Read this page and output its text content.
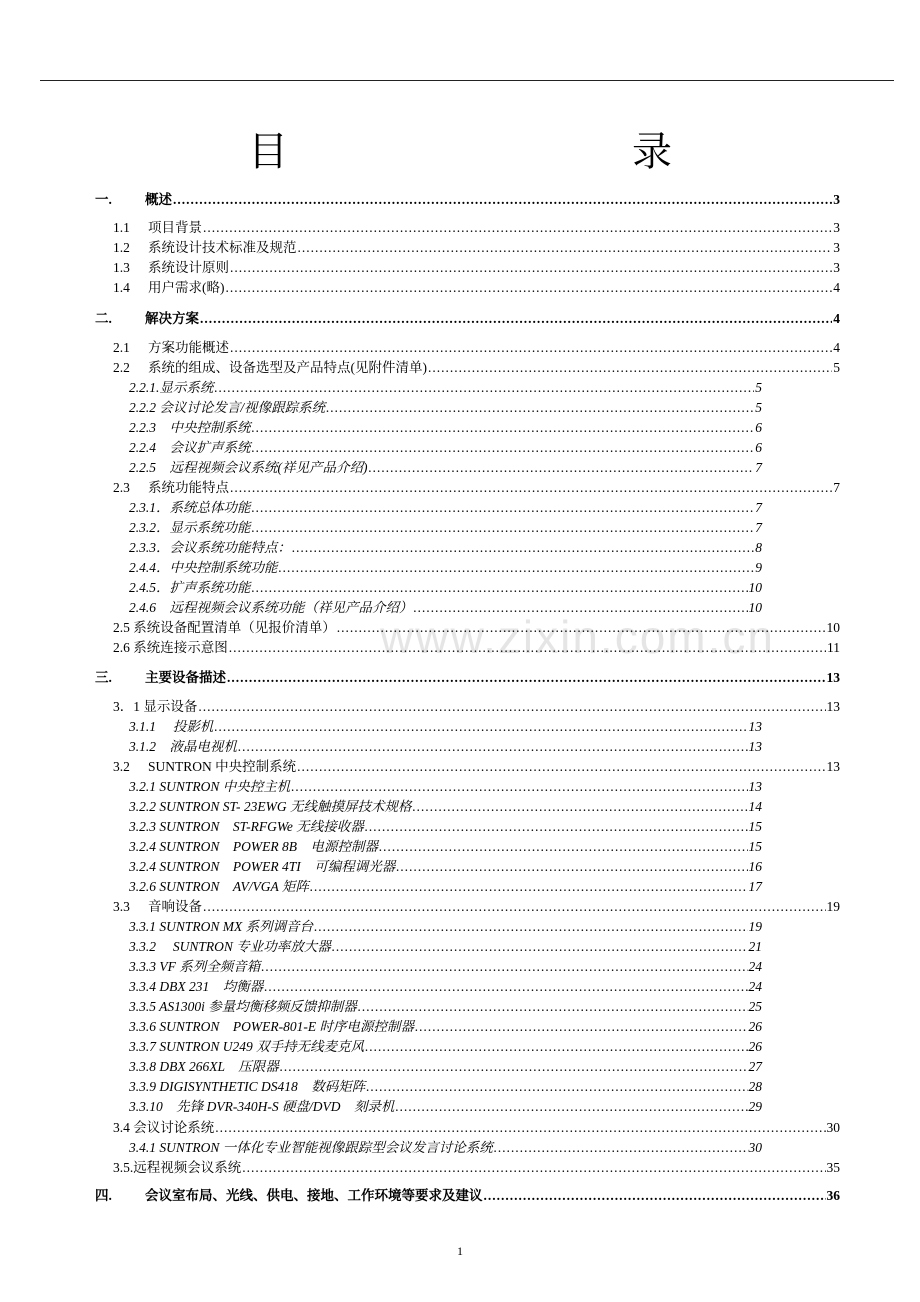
目　　录
www.zixin.com.cn
一.	概述 .....	3
1.1	项目背景 .....	3
1.2	系统设计技术标准及规范 .....	3
1.3	系统设计原则 .....	3
1.4	用户需求(略) .....	4
二.	解决方案 .....	4
2.1	方案功能概述 .....	4
2.2	系统的组成、设备选型及产品特点(见附件清单) .....	5
2.2.1.显示系统 .....	5
2.2.2 会议讨论发言/视像跟踪系统 .....	5
2.2.3　中央控制系统 .....	6
2.2.4　会议扩声系统 .....	6
2.2.5　远程视频会议系统(祥见产品介绍) .....	7
2.3	系统功能特点 .....	7
2.3.1．系统总体功能 .....	7
2.3.2．显示系统功能 .....	7
2.3.3．会议系统功能特点： .....	8
2.4.4．中央控制系统功能 .....	9
2.4.5．扩声系统功能 .....	10
2.4.6　远程视频会议系统功能（祥见产品介绍） .....	10
2.5 系统设备配置清单（见报价清单） .....	10
2.6 系统连接示意图 .....	11
三.	主要设备描述 .....	13
3．1 显示设备 .....	13
3.1.1　 投影机 .....	13
3.1.2　液晶电视机 .....	13
3.2	SUNTRON 中央控制系统 .....	13
3.2.1 SUNTRON 中央控主机 .....	13
3.2.2 SUNTRON ST- 23EWG 无线触摸屏技术规格 .....	14
3.2.3 SUNTRON　ST-RFGWe 无线接收器 .....	15
3.2.4 SUNTRON　POWER 8B　电源控制器 .....	15
3.2.4 SUNTRON　POWER 4TI　可编程调光器 .....	16
3.2.6 SUNTRON　AV/VGA 矩阵 .....	17
3.3	音响设备 .....	19
3.3.1 SUNTRON MX 系列调音台 .....	19
3.3.2　 SUNTRON 专业功率放大器 .....	21
3.3.3 VF 系列全频音箱 .....	24
3.3.4 DBX 231　均衡器 .....	24
3.3.5 AS1300i 参量均衡移频反馈抑制器 .....	25
3.3.6 SUNTRON　POWER-801-E 时序电源控制器 .....	26
3.3.7 SUNTRON U249 双手持无线麦克风 .....	26
3.3.8 DBX 266XL　压限器 .....	27
3.3.9 DIGISYNTHETIC DS418　数码矩阵 .....	28
3.3.10　先锋 DVR-340H-S 硬盘/DVD　刻录机 .....	29
3.4 会议讨论系统 .....	30
3.4.1 SUNTRON 一体化专业智能视像跟踪型会议发言讨论系统 .....	30
3.5.远程视频会议系统 .....	35
四.	会议室布局、光线、供电、接地、工作环境等要求及建议 .....	36
1
